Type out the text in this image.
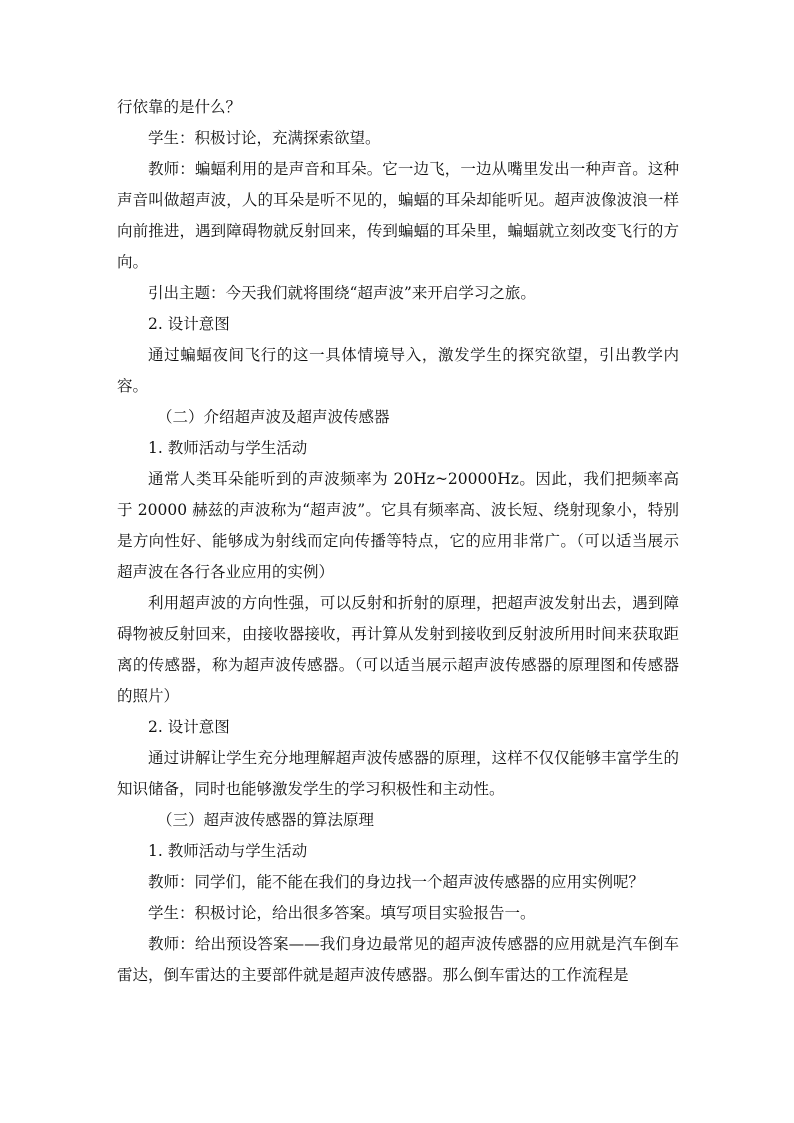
行依靠的是什么？

学生：积极讨论，充满探索欲望。

教师：蝙蝠利用的是声音和耳朵。它一边飞，一边从嘴里发出一种声音。这种声音叫做超声波，人的耳朵是听不见的，蝙蝠的耳朵却能听见。超声波像波浪一样向前推进，遇到障碍物就反射回来，传到蝙蝠的耳朵里，蝙蝠就立刻改变飞行的方向。

引出主题：今天我们就将围绕“超声波”来开启学习之旅。

2. 设计意图

通过蝙蝠夜间飞行的这一具体情境导入，激发学生的探究欲望，引出教学内容。

（二）介绍超声波及超声波传感器

1. 教师活动与学生活动

通常人类耳朵能听到的声波频率为 20Hz~20000Hz。因此，我们把频率高于 20000 赫兹的声波称为“超声波”。它具有频率高、波长短、绕射现象小，特别是方向性好、能够成为射线而定向传播等特点，它的应用非常广。（可以适当展示超声波在各行各业应用的实例）

利用超声波的方向性强，可以反射和折射的原理，把超声波发射出去，遇到障碍物被反射回来，由接收器接收，再计算从发射到接收到反射波所用时间来获取距离的传感器，称为超声波传感器。（可以适当展示超声波传感器的原理图和传感器的照片）

2. 设计意图

通过讲解让学生充分地理解超声波传感器的原理，这样不仅仅能够丰富学生的知识储备，同时也能够激发学生的学习积极性和主动性。

（三）超声波传感器的算法原理

1. 教师活动与学生活动

教师：同学们，能不能在我们的身边找一个超声波传感器的应用实例呢？

学生：积极讨论，给出很多答案。填写项目实验报告一。

教师：给出预设答案——我们身边最常见的超声波传感器的应用就是汽车倒车雷达，倒车雷达的主要部件就是超声波传感器。那么倒车雷达的工作流程是
